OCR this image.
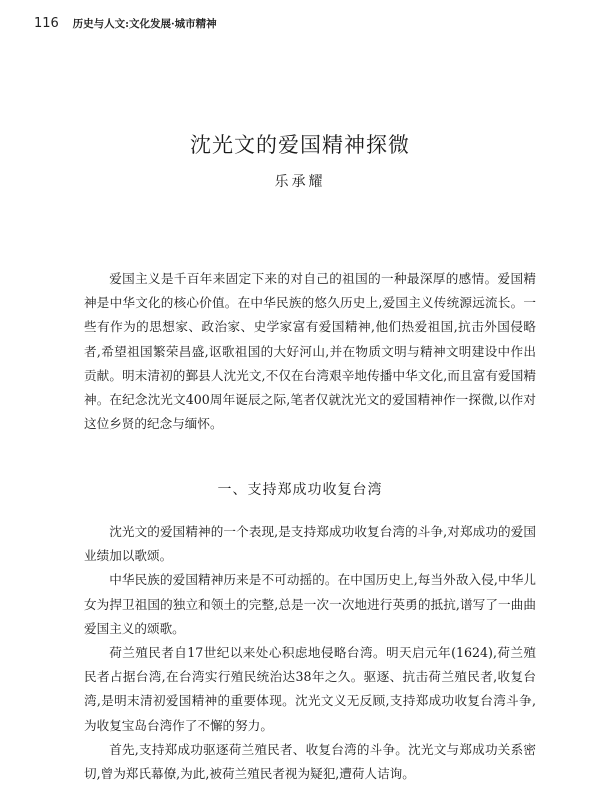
116 历史与人文:文化发展·城市精神
沈光文的爱国精神探微
乐承耀

爱国主义是千百年来固定下来的对自己的祖国的一种最深厚的感情。爱国精神是中华文化的核心价值。在中华民族的悠久历史上,爱国主义传统源远流长。一些有作为的思想家、政治家、史学家富有爱国精神,他们热爱祖国,抗击外国侵略者,希望祖国繁荣昌盛,讴歌祖国的大好河山,并在物质文明与精神文明建设中作出贡献。明末清初的鄞县人沈光文,不仅在台湾艰辛地传播中华文化,而且富有爱国精神。在纪念沈光文400周年诞辰之际,笔者仅就沈光文的爱国精神作一探微,以作对这位乡贤的纪念与缅怀。

一、支持郑成功收复台湾

沈光文的爱国精神的一个表现,是支持郑成功收复台湾的斗争,对郑成功的爱国业绩加以歌颂。

中华民族的爱国精神历来是不可动摇的。在中国历史上,每当外敌入侵,中华儿女为捍卫祖国的独立和领土的完整,总是一次一次地进行英勇的抵抗,谱写了一曲曲爱国主义的颂歌。

荷兰殖民者自17世纪以来处心积虑地侵略台湾。明天启元年(1624),荷兰殖民者占据台湾,在台湾实行殖民统治达38年之久。驱逐、抗击荷兰殖民者,收复台湾,是明末清初爱国精神的重要体现。沈光文义无反顾,支持郑成功收复台湾斗争,为收复宝岛台湾作了不懈的努力。

首先,支持郑成功驱逐荷兰殖民者、收复台湾的斗争。沈光文与郑成功关系密切,曾为郑氏幕僚,为此,被荷兰殖民者视为疑犯,遭荷人诘询。
